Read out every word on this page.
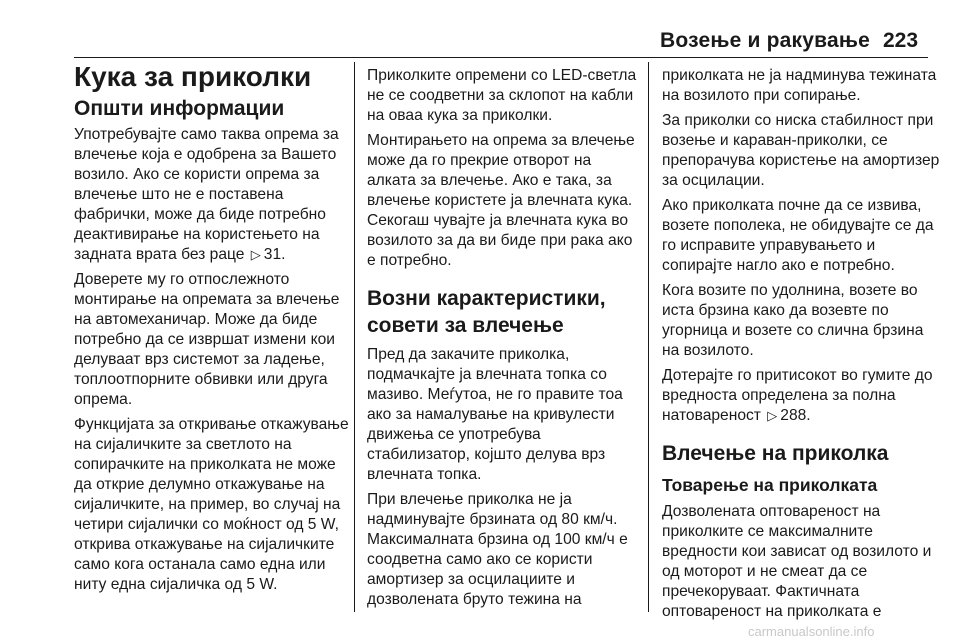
Возење и ракување 223
Кука за приколки
Општи информации

Употребувајте само таква опрема за влечење која е одобрена за Вашето возило. Ако се користи опрема за влечење што не е поставена фабрички, може да биде потребно деактивирање на користењето на задната врата без раце ▷ 31.

Доверете му го отпослежното монтирање на опремата за влечење на автомеханичар. Може да биде потребно да се извршат измени кои делуваат врз системот за ладење, топлоотпорните обвивки или друга опрема.

Функцијата за откривање откажување на сијаличките за светлото на сопирачките на приколката не може да открие делумно откажување на сијаличките, на пример, во случај на четири сијалички со моќност од 5 W, открива откажување на сијаличките само кога останала само една или ниту една сијаличка од 5 W.

Приколките опремени со LED-светла не се соодветни за склопот на кабли на оваа кука за приколки.

Монтирањето на опрема за влечење може да го прекрие отворот на алката за влечење. Ако е така, за влечење користете ја влечната кука. Секогаш чувајте ја влечната кука во возилото за да ви биде при рака ако е потребно.

Возни карактеристики, совети за влечење

Пред да закачите приколка, подмачкајте ја влечната топка со мазиво. Меѓутоа, не го правите тоа ако за намалување на кривулести движења се употребува стабилизатор, којшто делува врз влечната топка.

При влечење приколка не ја надминувајте брзината од 80 км/ч. Максималната брзина од 100 км/ч е соодветна само ако се користи амортизер за осцилациите и дозволената бруто тежина на

приколката не ја надминува тежината на возилото при сопирање.

За приколки со ниска стабилност при возење и караван-приколки, се препорачува користење на амортизер за осцилации.

Ако приколката почне да се извива, возете пополека, не обидувајте се да го исправите управувањето и сопирајте нагло ако е потребно.

Кога возите по удолнина, возете во иста брзина како да возевте по угорница и возете со слична брзина на возилото.

Дотерајте го притисокот во гумите до вредноста определена за полна натовареност ▷ 288.

Влечење на приколка
Товарење на приколката

Дозволената оптовареност на приколките се максималните вредности кои зависат од возилото и од моторот и не смеат да се пречекоруваат. Фактичната оптовареност на приколката е

carmanualsonline.info
